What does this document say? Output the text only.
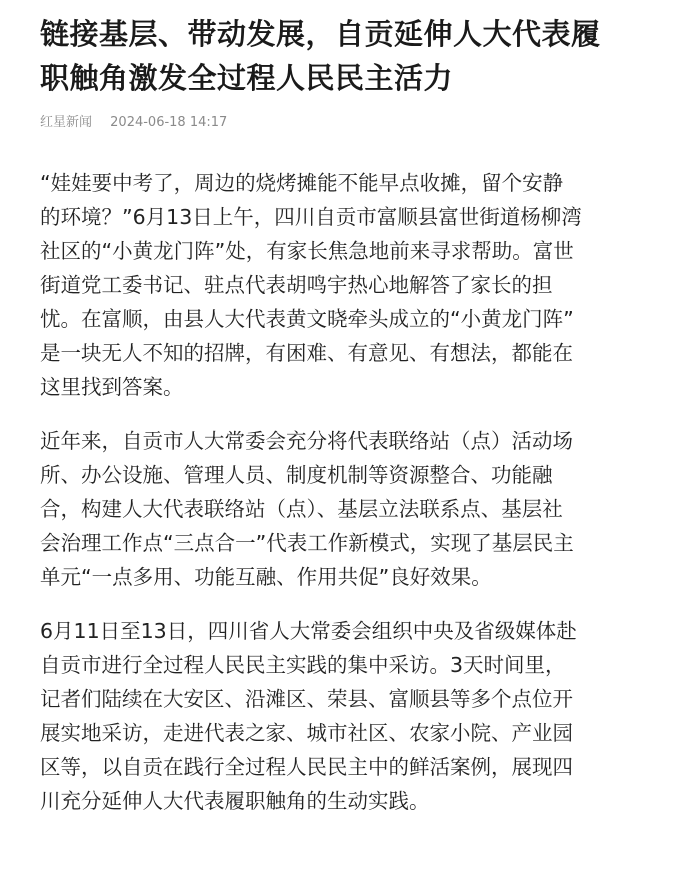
链接基层、带动发展，自贡延伸人大代表履
职触角激发全过程人民民主活力
红星新闻 2024-06-18 14:17

“娃娃要中考了，周边的烧烤摊能不能早点收摊，留个安静
的环境？”6月13日上午，四川自贡市富顺县富世街道杨柳湾
社区的“小黄龙门阵”处，有家长焦急地前来寻求帮助。富世
街道党工委书记、驻点代表胡鸣宇热心地解答了家长的担
忧。在富顺，由县人大代表黄文晓牵头成立的“小黄龙门阵”
是一块无人不知的招牌，有困难、有意见、有想法，都能在
这里找到答案。

近年来，自贡市人大常委会充分将代表联络站（点）活动场
所、办公设施、管理人员、制度机制等资源整合、功能融
合，构建人大代表联络站（点）、基层立法联系点、基层社
会治理工作点“三点合一”代表工作新模式，实现了基层民主
单元“一点多用、功能互融、作用共促”良好效果。

6月11日至13日，四川省人大常委会组织中央及省级媒体赴
自贡市进行全过程人民民主实践的集中采访。3天时间里，
记者们陆续在大安区、沿滩区、荣县、富顺县等多个点位开
展实地采访，走进代表之家、城市社区、农家小院、产业园
区等，以自贡在践行全过程人民民主中的鲜活案例，展现四
川充分延伸人大代表履职触角的生动实践。
